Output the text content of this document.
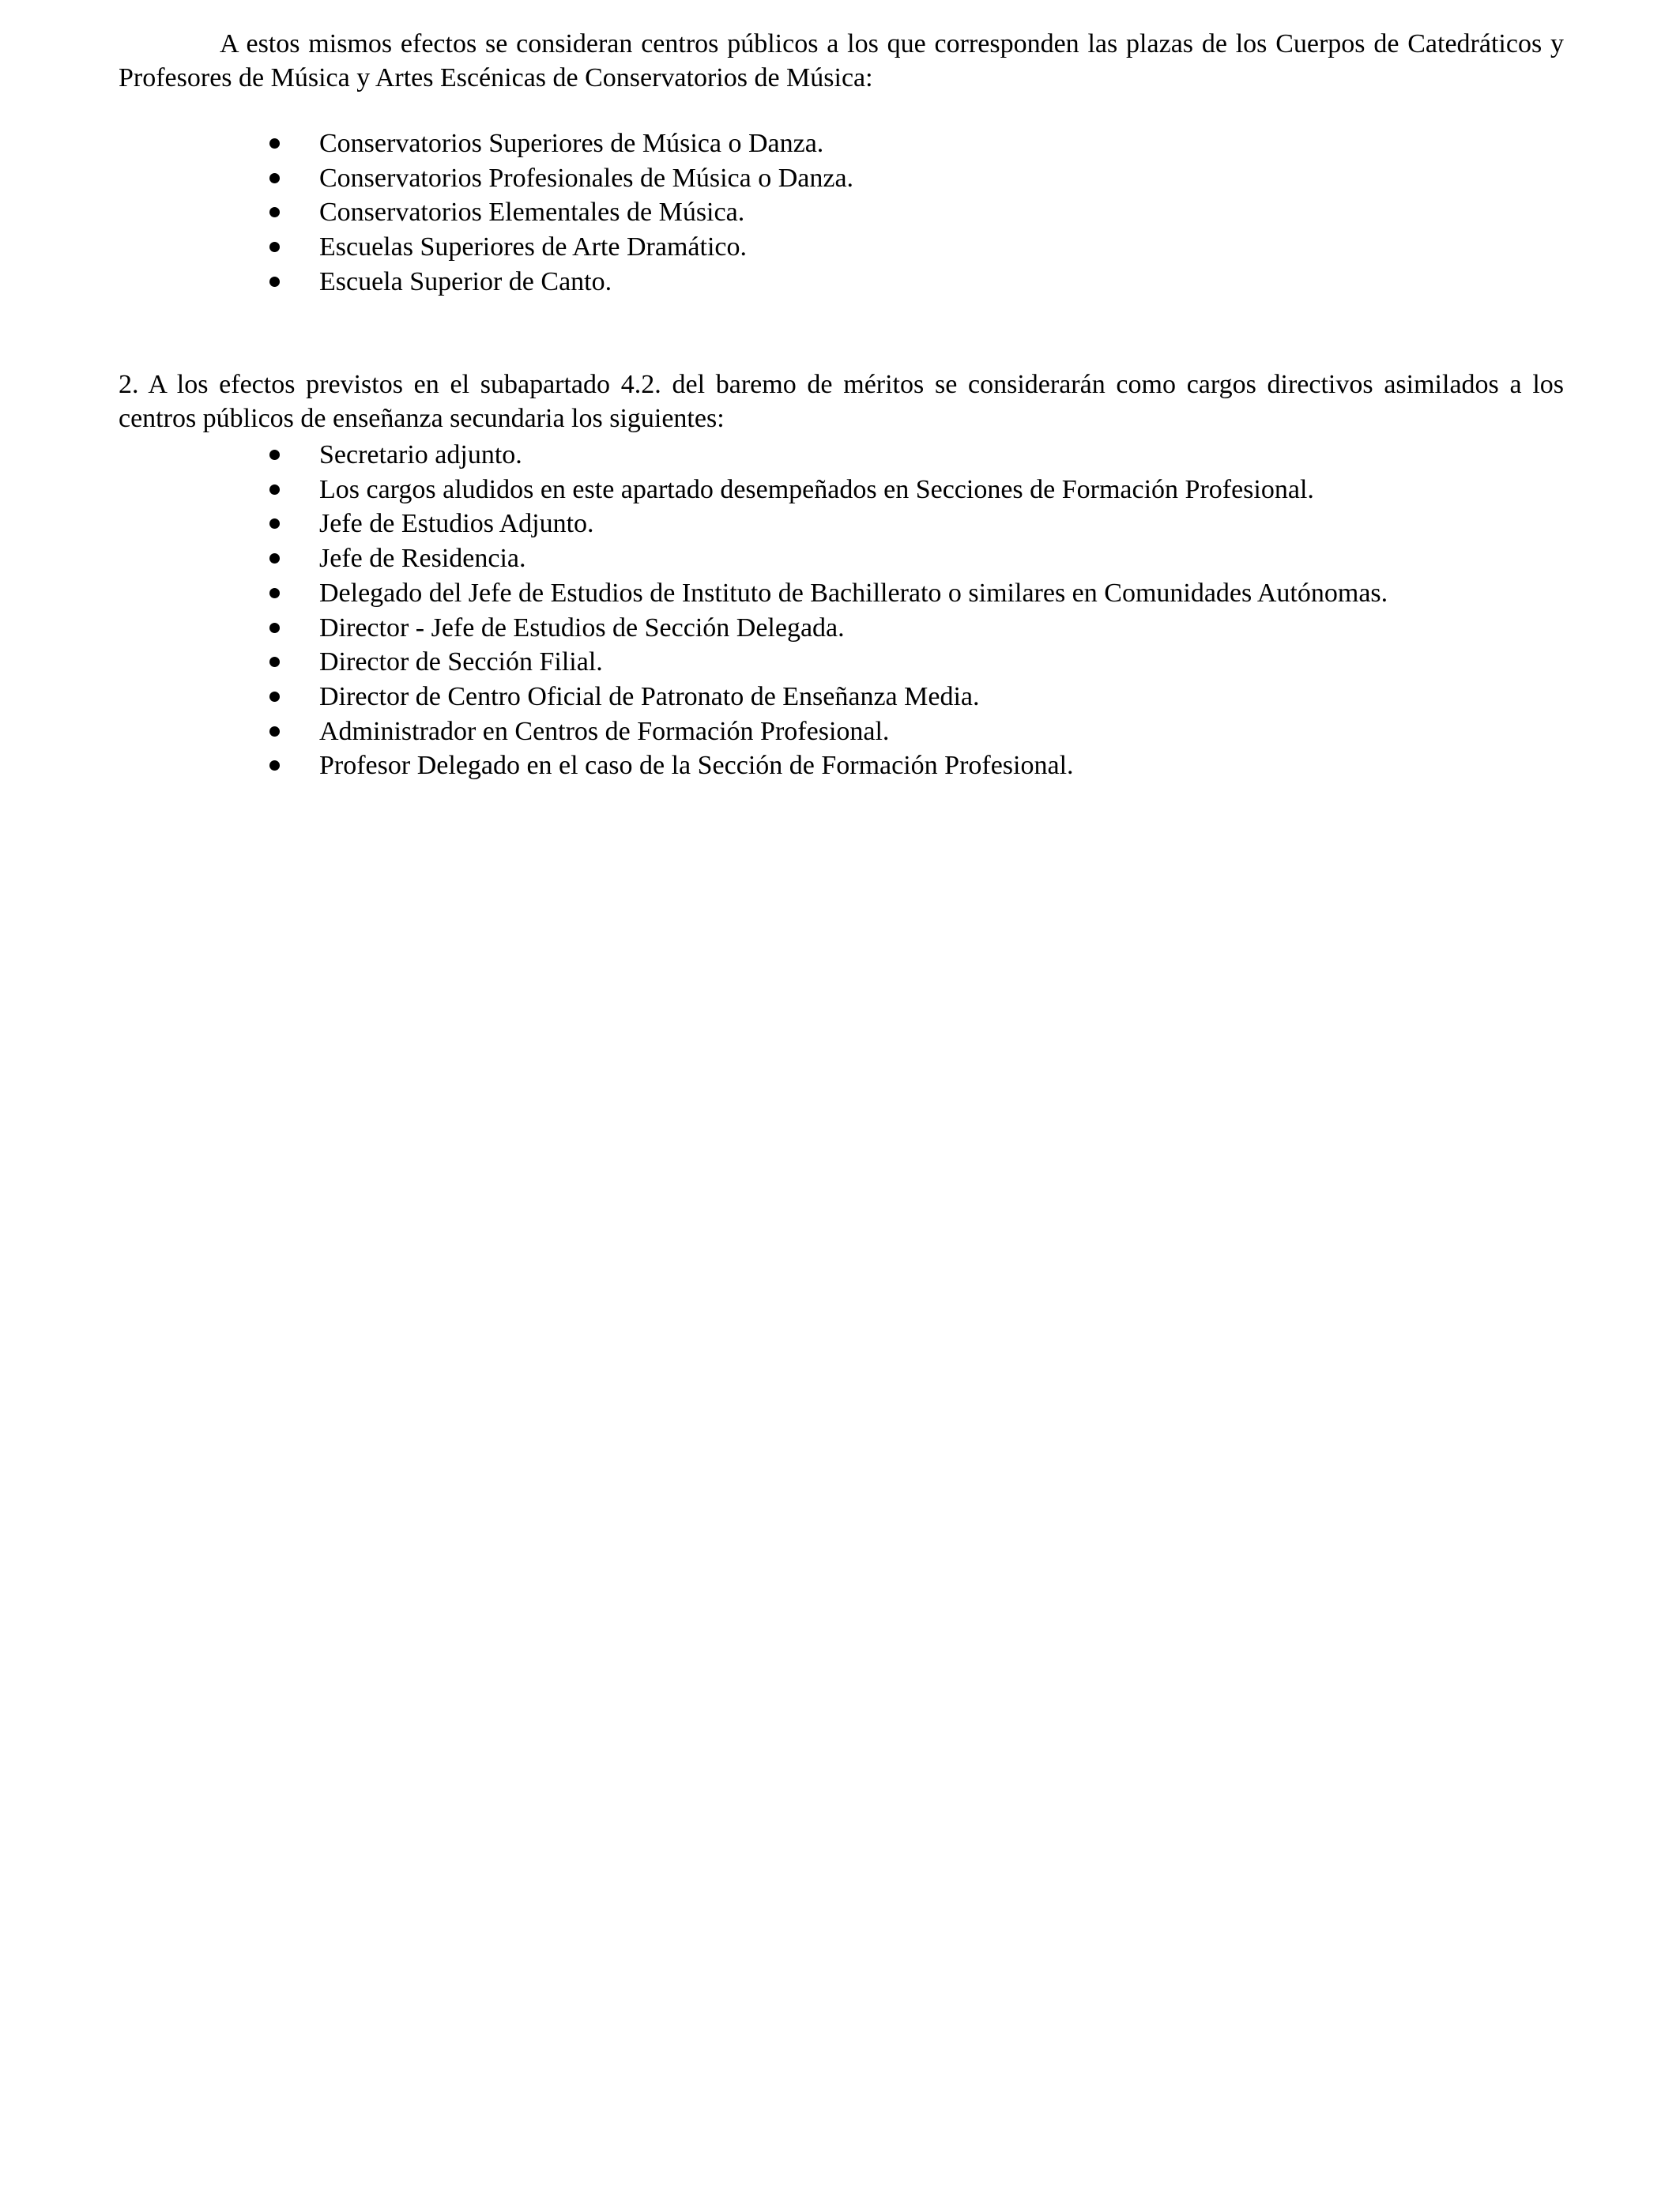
A estos mismos efectos se consideran centros públicos a los que corresponden las plazas de los Cuerpos de Catedráticos y Profesores de Música y Artes Escénicas de Conservatorios de Música:

Conservatorios Superiores de Música o Danza.
Conservatorios Profesionales de Música o Danza.
Conservatorios Elementales de Música.
Escuelas Superiores de Arte Dramático.
Escuela Superior de Canto.

2. A los efectos previstos en el subapartado 4.2. del baremo de méritos se considerarán como cargos directivos asimilados a los centros públicos de enseñanza secundaria los siguientes:

Secretario adjunto.
Los cargos aludidos en este apartado desempeñados en Secciones de Formación Profesional.
Jefe de Estudios Adjunto.
Jefe de Residencia.
Delegado del Jefe de Estudios de Instituto de Bachillerato o similares en Comunidades Autónomas.
Director - Jefe de Estudios de Sección Delegada.
Director de Sección Filial.
Director de Centro Oficial de Patronato de Enseñanza Media.
Administrador en Centros de Formación Profesional.
Profesor Delegado en el caso de la Sección de Formación Profesional.
